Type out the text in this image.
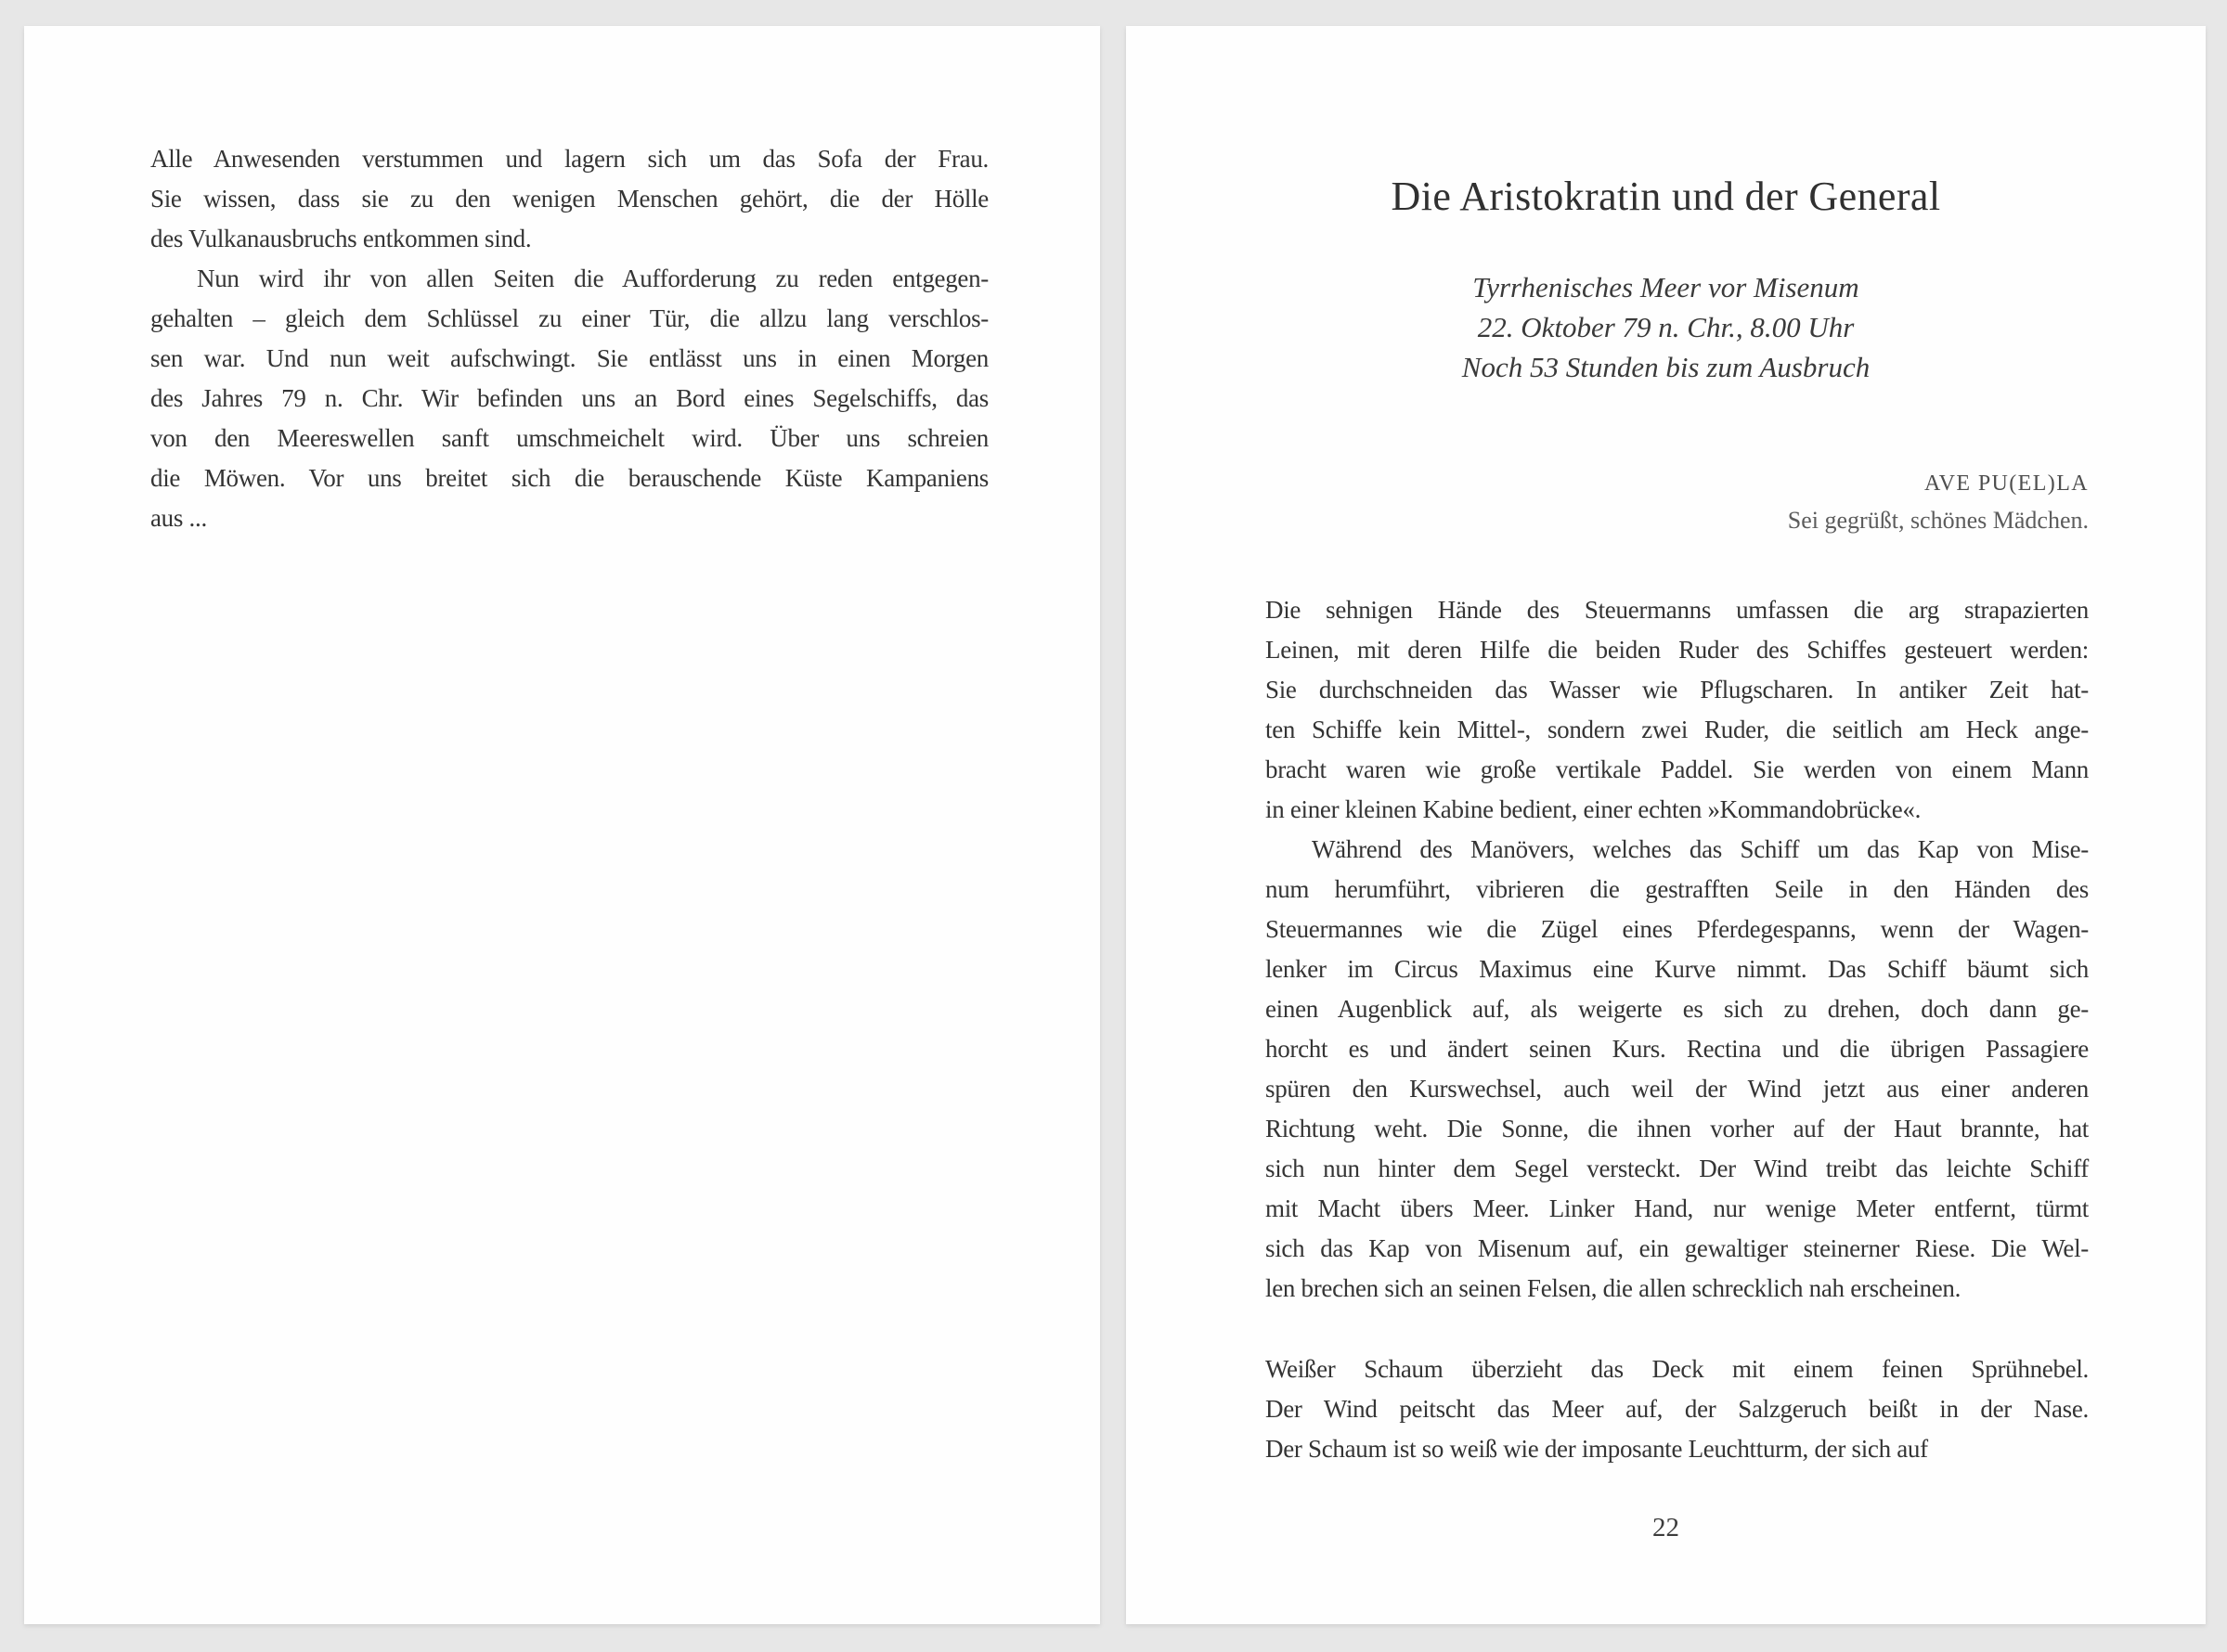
Alle Anwesenden verstummen und lagern sich um das Sofa der Frau.
Sie wissen, dass sie zu den wenigen Menschen gehört, die der Hölle
des Vulkanausbruchs entkommen sind.
Nun wird ihr von allen Seiten die Aufforderung zu reden entgegen-
gehalten – gleich dem Schlüssel zu einer Tür, die allzu lang verschlos-
sen war. Und nun weit aufschwingt. Sie entlässt uns in einen Morgen
des Jahres 79 n. Chr. Wir befinden uns an Bord eines Segelschiffs, das
von den Meereswellen sanft umschmeichelt wird. Über uns schreien
die Möwen. Vor uns breitet sich die berauschende Küste Kampaniens
aus ...
Die Aristokratin und der General
Tyrrhenisches Meer vor Misenum
22. Oktober 79 n. Chr., 8.00 Uhr
Noch 53 Stunden bis zum Ausbruch
AVE PU(EL)LA
Sei gegrüßt, schönes Mädchen.
Die sehnigen Hände des Steuermanns umfassen die arg strapazierten
Leinen, mit deren Hilfe die beiden Ruder des Schiffes gesteuert werden:
Sie durchschneiden das Wasser wie Pflugscharen. In antiker Zeit hat-
ten Schiffe kein Mittel-, sondern zwei Ruder, die seitlich am Heck ange-
bracht waren wie große vertikale Paddel. Sie werden von einem Mann
in einer kleinen Kabine bedient, einer echten »Kommandobrücke«.
Während des Manövers, welches das Schiff um das Kap von Mise-
num herumführt, vibrieren die gestrafften Seile in den Händen des
Steuermannes wie die Zügel eines Pferdegespanns, wenn der Wagen-
lenker im Circus Maximus eine Kurve nimmt. Das Schiff bäumt sich
einen Augenblick auf, als weigerte es sich zu drehen, doch dann ge-
horcht es und ändert seinen Kurs. Rectina und die übrigen Passagiere
spüren den Kurswechsel, auch weil der Wind jetzt aus einer anderen
Richtung weht. Die Sonne, die ihnen vorher auf der Haut brannte, hat
sich nun hinter dem Segel versteckt. Der Wind treibt das leichte Schiff
mit Macht übers Meer. Linker Hand, nur wenige Meter entfernt, türmt
sich das Kap von Misenum auf, ein gewaltiger steinerner Riese. Die Wel-
len brechen sich an seinen Felsen, die allen schrecklich nah erscheinen.
Weißer Schaum überzieht das Deck mit einem feinen Sprühnebel.
Der Wind peitscht das Meer auf, der Salzgeruch beißt in der Nase.
Der Schaum ist so weiß wie der imposante Leuchtturm, der sich auf
22
